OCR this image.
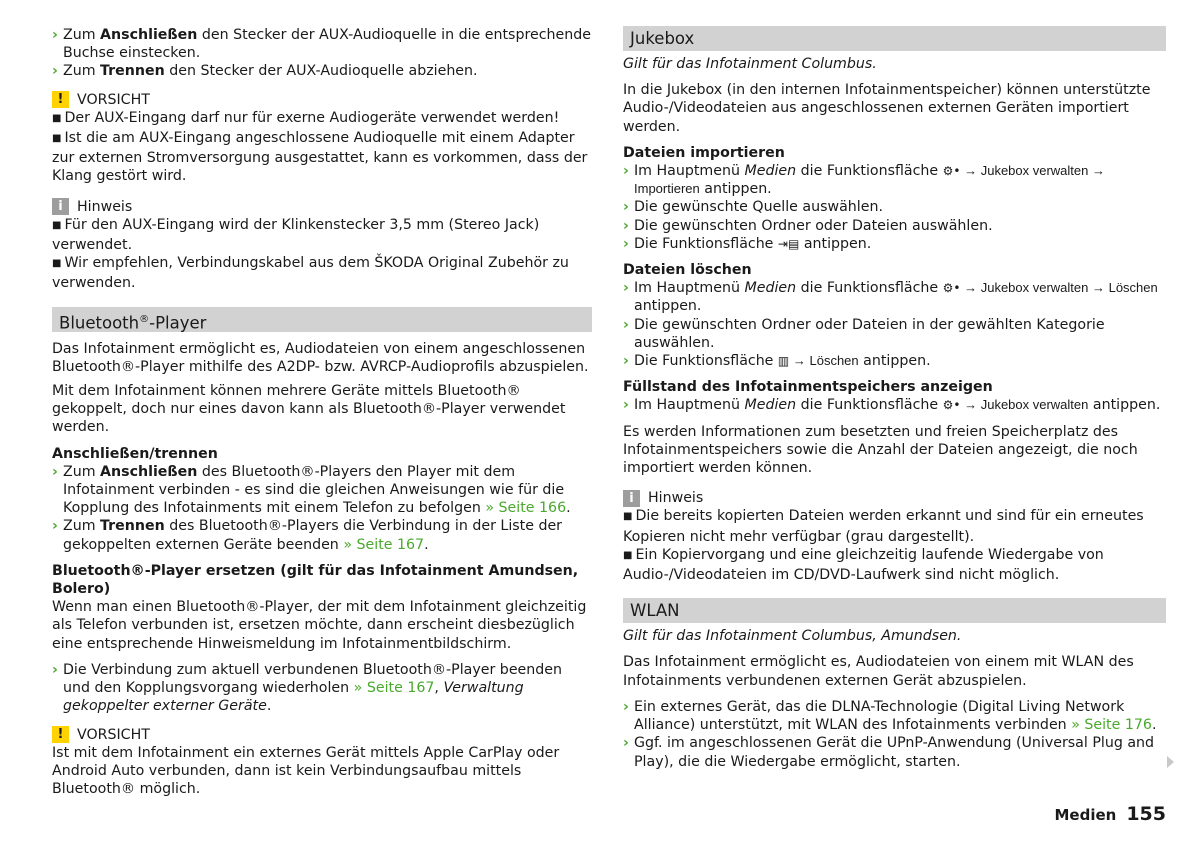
› Zum Anschließen den Stecker der AUX-Audioquelle in die entsprechende Buchse einstecken.

› Zum Trennen den Stecker der AUX-Audioquelle abziehen.

! VORSICHT

■ Der AUX-Eingang darf nur für exerne Audiogeräte verwendet werden!

■ Ist die am AUX-Eingang angeschlossene Audioquelle mit einem Adapter zur externen Stromversorgung ausgestattet, kann es vorkommen, dass der Klang gestört wird.

i	Hinweis

■ Für den AUX-Eingang wird der Klinkenstecker 3,5 mm (Stereo Jack) verwendet.

■ Wir empfehlen, Verbindungskabel aus dem ŠKODA Original Zubehör zu verwenden.

Bluetooth®-Player

Das Infotainment ermöglicht es, Audiodateien von einem angeschlossenen Bluetooth®-Player mithilfe des A2DP- bzw. AVRCP-Audioprofils abzuspielen.

Mit dem Infotainment können mehrere Geräte mittels Bluetooth® gekoppelt, doch nur eines davon kann als Bluetooth®-Player verwendet werden.

Anschließen/trennen

› Zum Anschließen des Bluetooth®-Players den Player mit dem Infotainment verbinden - es sind die gleichen Anweisungen wie für die Kopplung des Infotainments mit einem Telefon zu befolgen » Seite 166.

› Zum Trennen des Bluetooth®-Players die Verbindung in der Liste der gekoppelten externen Geräte beenden » Seite 167.

Bluetooth®-Player ersetzen (gilt für das Infotainment Amundsen, Bolero)

Wenn man einen Bluetooth®-Player, der mit dem Infotainment gleichzeitig als Telefon verbunden ist, ersetzen möchte, dann erscheint diesbezüglich eine entsprechende Hinweismeldung im Infotainmentbildschirm.

› Die Verbindung zum aktuell verbundenen Bluetooth®-Player beenden und den Kopplungsvorgang wiederholen » Seite 167, Verwaltung gekoppelter externer Geräte.

! VORSICHT

Ist mit dem Infotainment ein externes Gerät mittels Apple CarPlay oder Android Auto verbunden, dann ist kein Verbindungsaufbau mittels Bluetooth® möglich.

Jukebox

Gilt für das Infotainment Columbus.

In die Jukebox (in den internen Infotainmentspeicher) können unterstützte Audio-/Videodateien aus angeschlossenen externen Geräten importiert werden.

Dateien importieren

› Im Hauptmenü Medien die Funktionsfläche ⚙• → Jukebox verwalten → Importieren antippen.

› Die gewünschte Quelle auswählen.

› Die gewünschten Ordner oder Dateien auswählen.

› Die Funktionsfläche ⇥▤ antippen.

Dateien löschen

› Im Hauptmenü Medien die Funktionsfläche ⚙• → Jukebox verwalten → Löschen antippen.

› Die gewünschten Ordner oder Dateien in der gewählten Kategorie auswählen.

› Die Funktionsfläche ▥ → Löschen antippen.

Füllstand des Infotainmentspeichers anzeigen

› Im Hauptmenü Medien die Funktionsfläche ⚙• → Jukebox verwalten antippen.

Es werden Informationen zum besetzten und freien Speicherplatz des Infotainmentspeichers sowie die Anzahl der Dateien angezeigt, die noch importiert werden können.

i	Hinweis

■ Die bereits kopierten Dateien werden erkannt und sind für ein erneutes Kopieren nicht mehr verfügbar (grau dargestellt).

■ Ein Kopiervorgang und eine gleichzeitig laufende Wiedergabe von Audio-/Videodateien im CD/DVD-Laufwerk sind nicht möglich.

WLAN

Gilt für das Infotainment Columbus, Amundsen.

Das Infotainment ermöglicht es, Audiodateien von einem mit WLAN des Infotainments verbundenen externen Gerät abzuspielen.

› Ein externes Gerät, das die DLNA-Technologie (Digital Living Network Alliance) unterstützt, mit WLAN des Infotainments verbinden » Seite 176.

› Ggf. im angeschlossenen Gerät die UPnP-Anwendung (Universal Plug and Play), die die Wiedergabe ermöglicht, starten.

Medien 155
